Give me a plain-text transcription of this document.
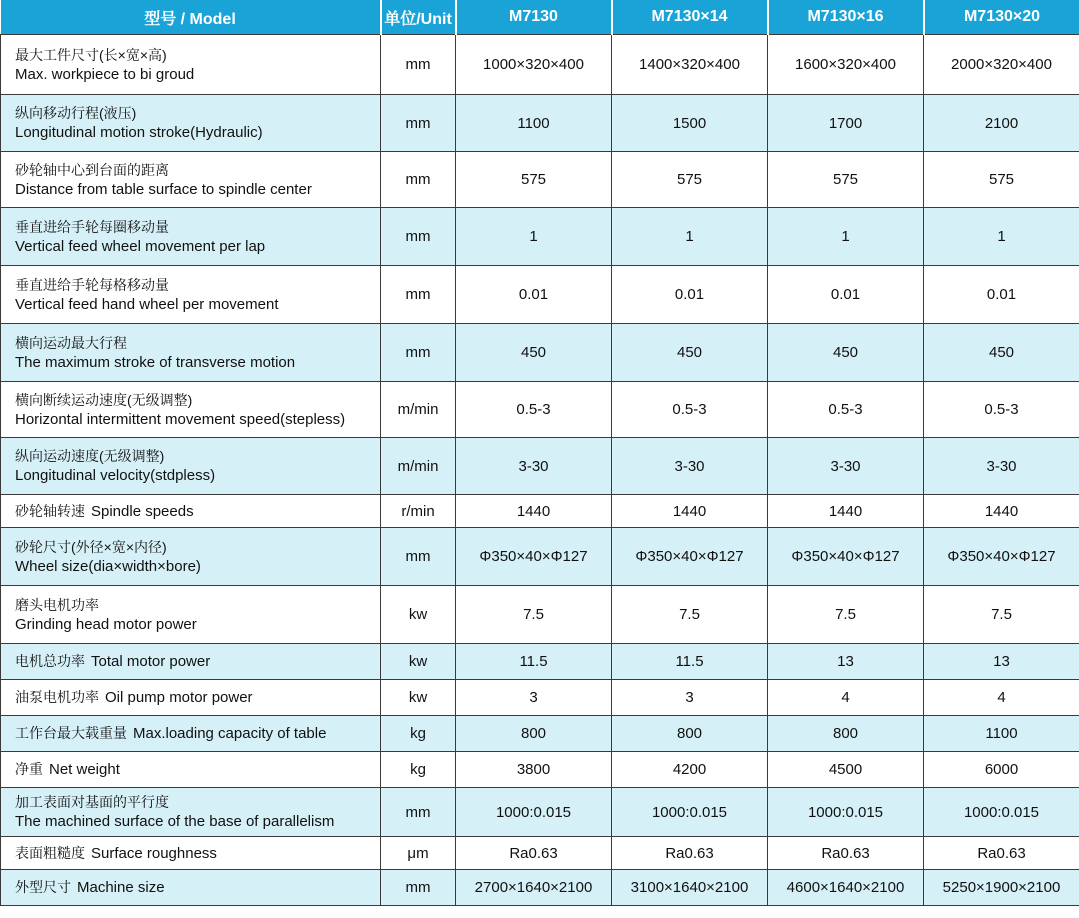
型号 / Model	单位/Unit	M7130	M7130×14	M7130×16	M7130×20

最大工件尺寸(长×宽×高)
Max. workpiece to bi groud	mm	1000×320×400	1400×320×400	1600×320×400	2000×320×400

纵向移动行程(液压)
Longitudinal motion stroke(Hydraulic)	mm	1100	1500	1700	2100

砂轮轴中心到台面的距离
Distance from table surface to spindle center	mm	575	575	575	575

垂直进给手轮每圈移动量
Vertical feed wheel movement per lap	mm	1	1	1	1

垂直进给手轮每格移动量
Vertical feed hand wheel per movement	mm	0.01	0.01	0.01	0.01

横向运动最大行程
The maximum stroke of transverse motion	mm	450	450	450	450

横向断续运动速度(无级调整)
Horizontal intermittent movement speed(stepless)	m/min	0.5-3	0.5-3	0.5-3	0.5-3

纵向运动速度(无级调整)
Longitudinal velocity(stdpless)	m/min	3-30	3-30	3-30	3-30
砂轮轴转速 Spindle speeds	r/min	1440	1440	1440	1440

砂轮尺寸(外径×宽×内径)
Wheel size(dia×width×bore)	mm	Φ350×40×Φ127	Φ350×40×Φ127	Φ350×40×Φ127	Φ350×40×Φ127

磨头电机功率
Grinding head motor power	kw	7.5	7.5	7.5	7.5
电机总功率 Total motor power	kw	11.5	11.5	13	13
油泵电机功率 Oil pump motor power	kw	3	3	4	4
工作台最大载重量 Max.loading capacity of table	kg	800	800	800	1100
净重 Net weight	kg	3800	4200	4500	6000

加工表面对基面的平行度
The machined surface of the base of parallelism	mm	1000:0.015	1000:0.015	1000:0.015	1000:0.015
表面粗糙度 Surface roughness	μm	Ra0.63	Ra0.63	Ra0.63	Ra0.63
外型尺寸 Machine size	mm	2700×1640×2100	3100×1640×2100	4600×1640×2100	5250×1900×2100
